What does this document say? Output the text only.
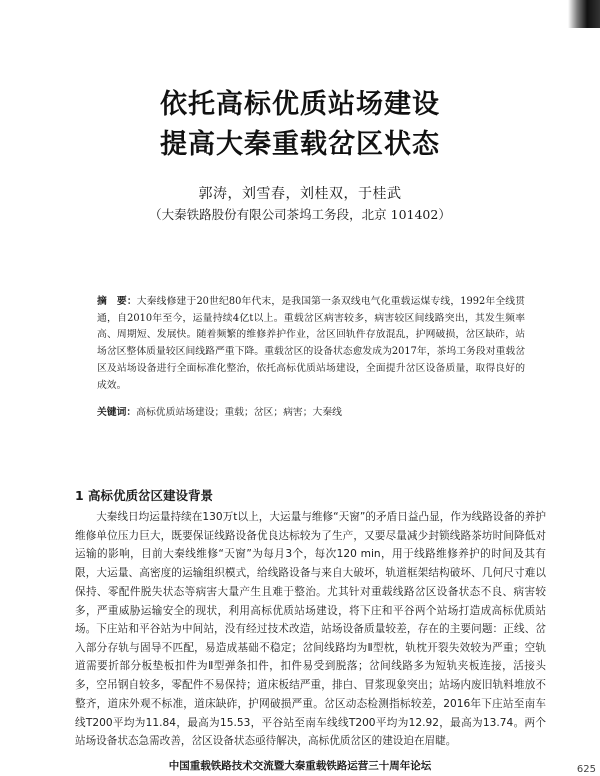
依托高标优质站场建设
提高大秦重载岔区状态
郭涛，刘雪春，刘桂双，于桂武
（大秦铁路股份有限公司茶坞工务段，北京 101402）
摘　要：大秦线修建于20世纪80年代末，是我国第一条双线电气化重载运煤专线，1992年全线贯通，自2010年至今，运量持续4亿t以上。重载岔区病害较多，病害较区间线路突出，其发生频率高、周期短、发展快。随着频繁的维修养护作业，岔区回轨件存放混乱，护网破损，岔区缺砟，站场岔区整体质量较区间线路严重下降。重载岔区的设备状态愈发成为2017年，茶坞工务段对重载岔区及站场设备进行全面标准化整治，依托高标优质站场建设，全面提升岔区设备质量，取得良好的成效。
关键词：高标优质站场建设；重载；岔区；病害；大秦线
1 高标优质岔区建设背景
大秦线日均运量持续在130万t以上，大运量与维修“天窗”的矛盾日益凸显，作为线路设备的养护维修单位压力巨大，既要保证线路设备优良达标较为了生产，又要尽量减少封锁线路茶坊时间降低对运输的影响，目前大秦线维修“天窗”为每月3个，每次120 min，用于线路维修养护的时间及其有限，大运量、高密度的运输组织模式，给线路设备与来自大破坏，轨道框架结构破坏、几何尺寸难以保持、零配件脱失状态等病害大量产生且难于整治。尤其针对重载线路岔区设备状态不良、病害较多，严重威胁运输安全的现状，利用高标优质站场建设，将下庄和平谷两个站场打造成高标优质站场。 下庄站和平谷站为中间站，没有经过技术改造，站场设备质量较差，存在的主要问题：正线、岔入部分存轨与固导不匹配，易造成基础不稳定；岔间线路均为Ⅱ型枕，轨枕开裂失效较为严重；空轨道需要折部分板垫板扣件为Ⅱ型弹条扣件，扣件易受到脱落；岔间线路多为短轨夹板连接，活接头多，空吊钢自较多，零配件不易保持；道床板结严重，排白、冒浆现象突出；站场内废旧轨料堆放不整齐，道床外观不标准，道床缺砟，护网破损严重。岔区动态检测指标较差，2016年下庄站至南车线T200平均为11.84，最高为15.53，平谷站至南车线线T200平均为12.92，最高为13.74。两个站场设备状态急需改善，岔区设备状态亟待解决，高标优质岔区的建设迫在眉睫。
中国重载铁路技术交流暨大秦重载铁路运营三十周年论坛	625
